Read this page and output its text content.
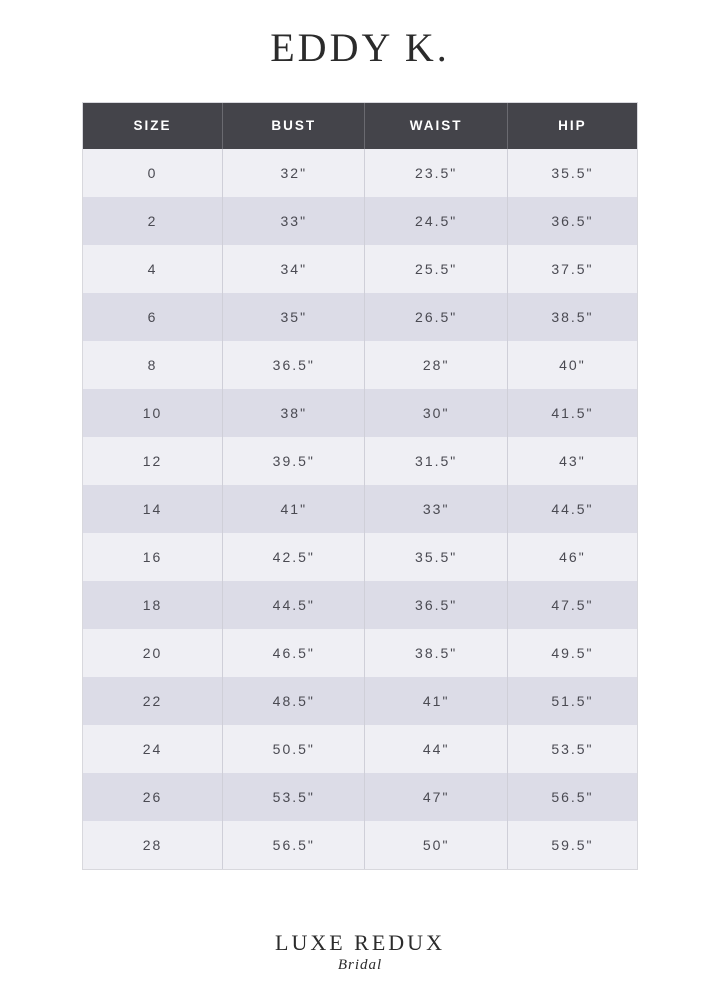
EDDY K.
SIZE	BUST	WAIST	HIP
0	32"	23.5"	35.5"
2	33"	24.5"	36.5"
4	34"	25.5"	37.5"
6	35"	26.5"	38.5"
8	36.5"	28"	40"
10	38"	30"	41.5"
12	39.5"	31.5"	43"
14	41"	33"	44.5"
16	42.5"	35.5"	46"
18	44.5"	36.5"	47.5"
20	46.5"	38.5"	49.5"
22	48.5"	41"	51.5"
24	50.5"	44"	53.5"
26	53.5"	47"	56.5"
28	56.5"	50"	59.5"
LUXE REDUX
Bridal
